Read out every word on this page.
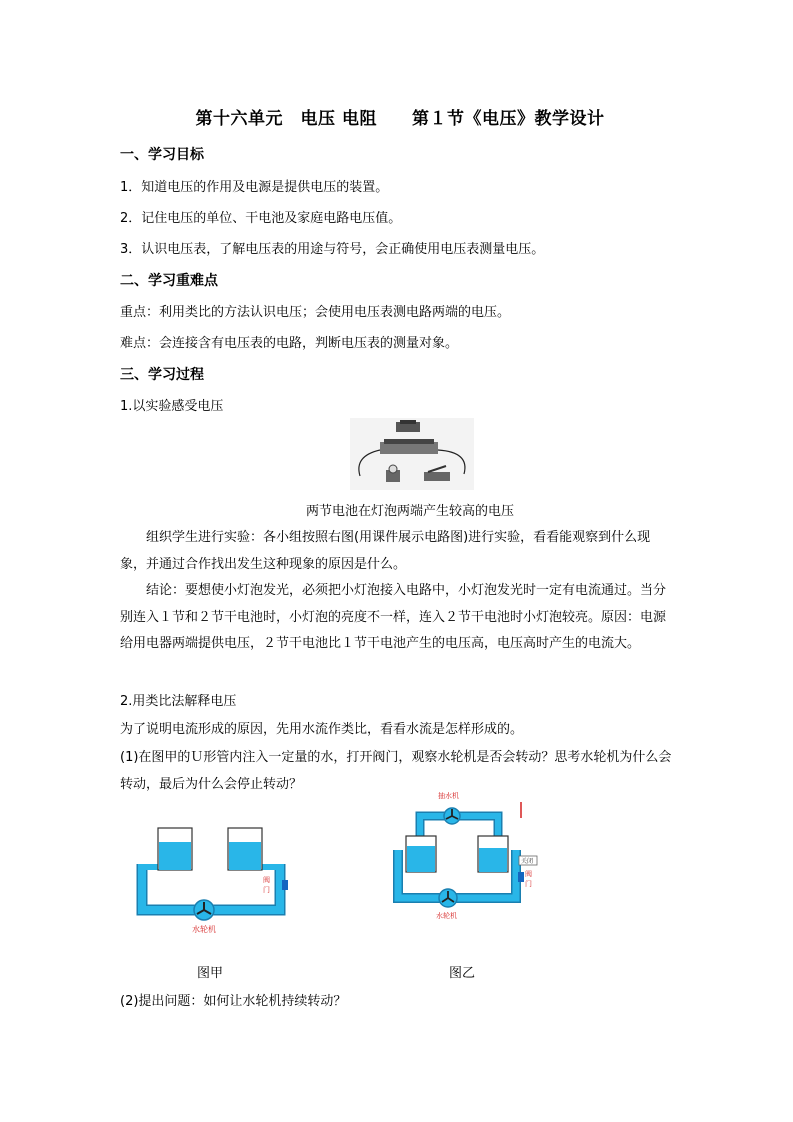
第十六单元　电压 电阻　　第１节《电压》教学设计
一、学习目标
1．知道电压的作用及电源是提供电压的装置。
2．记住电压的单位、干电池及家庭电路电压值。
3．认识电压表，了解电压表的用途与符号，会正确使用电压表测量电压。
二、学习重难点
重点：利用类比的方法认识电压；会使用电压表测电路两端的电压。
难点：会连接含有电压表的电路，判断电压表的测量对象。
三、学习过程
1.以实验感受电压
两节电池在灯泡两端产生较高的电压
组织学生进行实验：各小组按照右图(用课件展示电路图)进行实验，看看能观察到什么现象，并通过合作找出发生这种现象的原因是什么。
结论：要想使小灯泡发光，必须把小灯泡接入电路中，小灯泡发光时一定有电流通过。当分别连入１节和２节干电池时，小灯泡的亮度不一样，连入２节干电池时小灯泡较亮。原因：电源给用电器两端提供电压，２节干电池比１节干电池产生的电压高，电压高时产生的电流大。
2.用类比法解释电压
为了说明电流形成的原因，先用水流作类比，看看水流是怎样形成的。
(1)在图甲的Ｕ形管内注入一定量的水，打开阀门，观察水轮机是否会转动？思考水轮机为什么会转动，最后为什么会停止转动？
水轮机
阀
门
图甲
关闭
抽水机
水轮机
阀
门
图乙
(2)提出问题：如何让水轮机持续转动？
